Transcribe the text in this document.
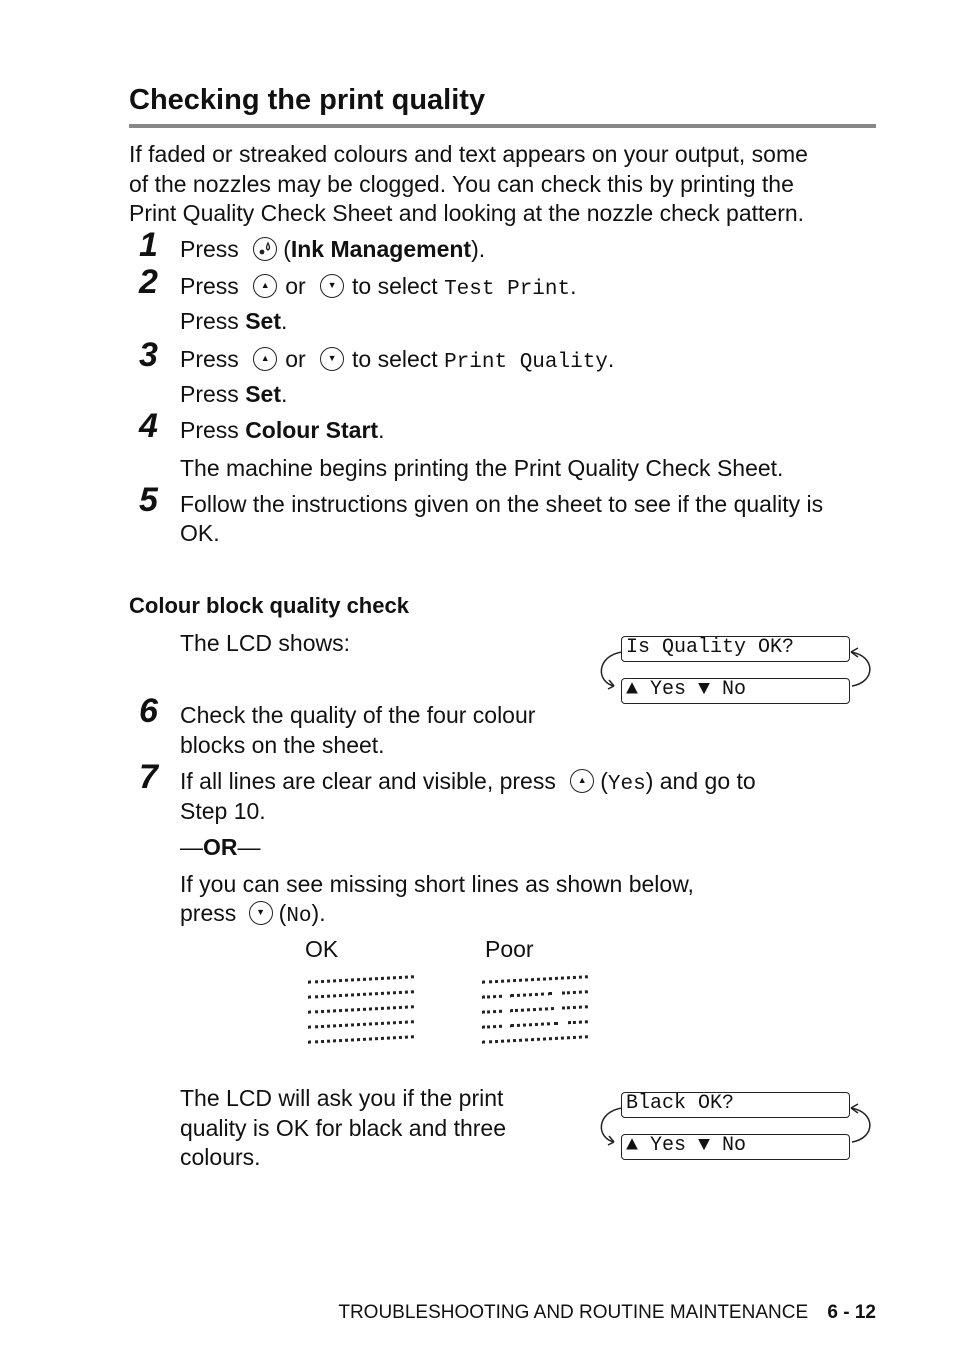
Checking the print quality
If faded or streaked colours and text appears on your output, some
of the nozzles may be clogged. You can check this by printing the
Print Quality Check Sheet and looking at the nozzle check pattern.
1 Press (Ink Management).
2 Press ▲ or ▼ to select Test Print.
Press Set.
3 Press ▲ or ▼ to select Print Quality.
Press Set.
4 Press Colour Start.
The machine begins printing the Print Quality Check Sheet.
5 Follow the instructions given on the sheet to see if the quality is
OK.
Colour block quality check
The LCD shows:	Is Quality OK?
▲ Yes ▼ No
6 Check the quality of the four colour
blocks on the sheet.
7 If all lines are clear and visible, press ▲ (Yes) and go to
Step 10.
—OR—
If you can see missing short lines as shown below,
press ▼ (No).
OK	Poor
The LCD will ask you if the print
quality is OK for black and three
colours.
Black OK?
▲ Yes ▼ No
TROUBLESHOOTING AND ROUTINE MAINTENANCE 6 - 12
